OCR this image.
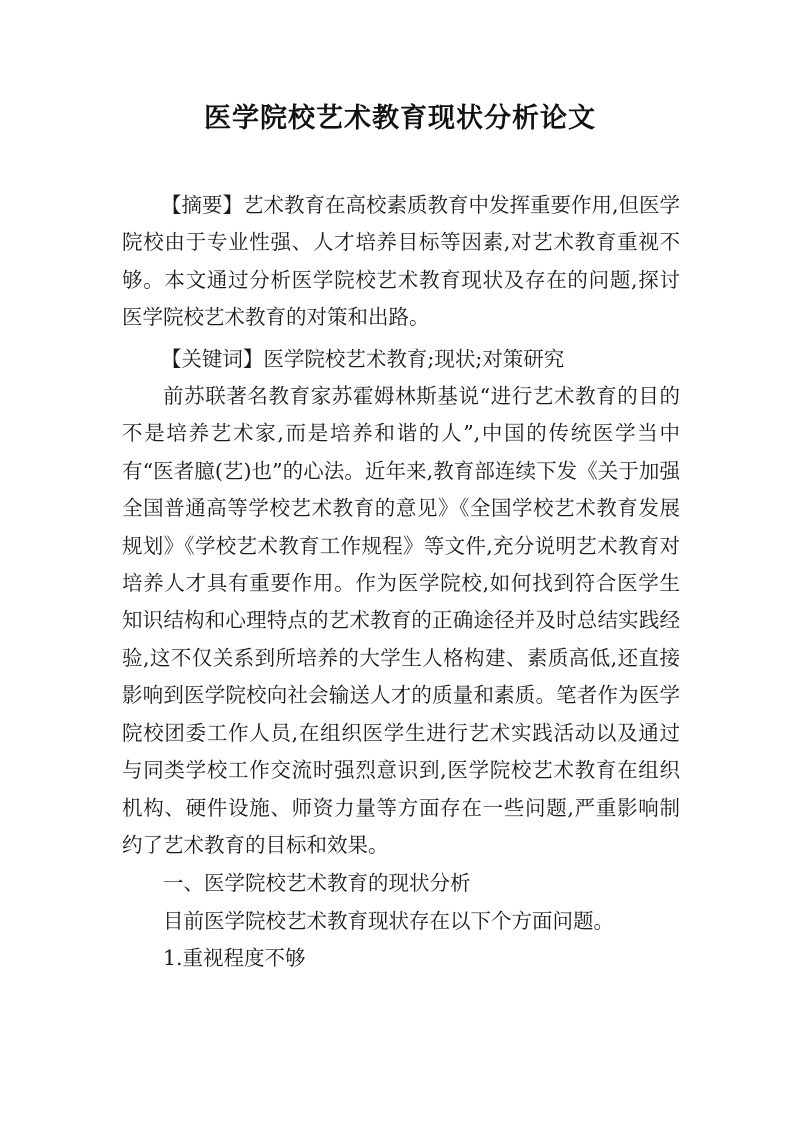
医学院校艺术教育现状分析论文

【摘要】艺术教育在高校素质教育中发挥重要作用,但医学院校由于专业性强、人才培养目标等因素,对艺术教育重视不够。本文通过分析医学院校艺术教育现状及存在的问题,探讨医学院校艺术教育的对策和出路。

【关键词】医学院校艺术教育;现状;对策研究

前苏联著名教育家苏霍姆林斯基说“进行艺术教育的目的不是培养艺术家,而是培养和谐的人”,中国的传统医学当中有“医者臆(艺)也”的心法。近年来,教育部连续下发《关于加强全国普通高等学校艺术教育的意见》《全国学校艺术教育发展规划》《学校艺术教育工作规程》等文件,充分说明艺术教育对培养人才具有重要作用。作为医学院校,如何找到符合医学生知识结构和心理特点的艺术教育的正确途径并及时总结实践经验,这不仅关系到所培养的大学生人格构建、素质高低,还直接影响到医学院校向社会输送人才的质量和素质。笔者作为医学院校团委工作人员,在组织医学生进行艺术实践活动以及通过与同类学校工作交流时强烈意识到,医学院校艺术教育在组织机构、硬件设施、师资力量等方面存在一些问题,严重影响制约了艺术教育的目标和效果。

一、医学院校艺术教育的现状分析

目前医学院校艺术教育现状存在以下个方面问题。

1.重视程度不够
